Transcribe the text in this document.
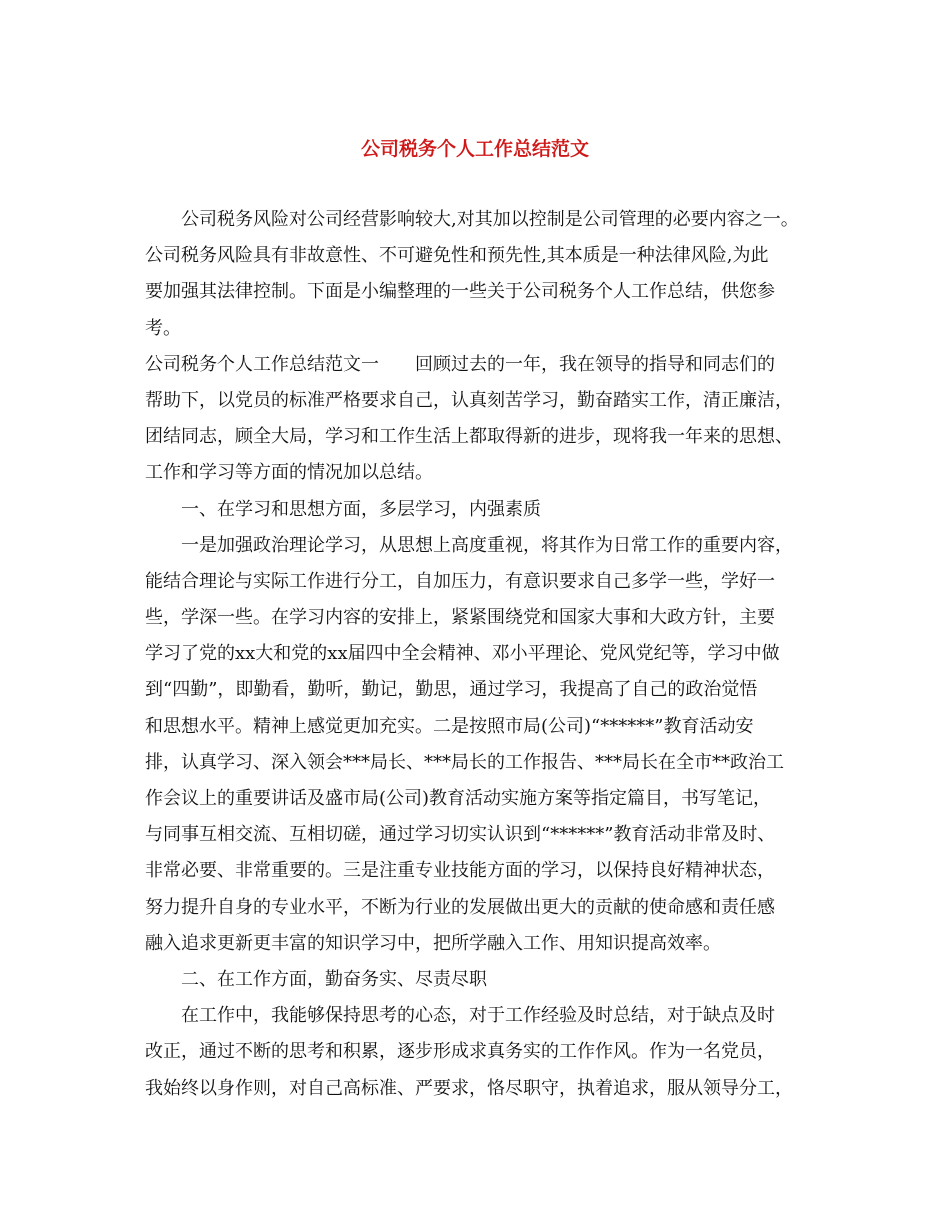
公司税务个人工作总结范文
公司税务风险对公司经营影响较大,对其加以控制是公司管理的必要内容之一。
公司税务风险具有非故意性、不可避免性和预先性,其本质是一种法律风险,为此
要加强其法律控制。下面是小编整理的一些关于公司税务个人工作总结，供您参
考。
公司税务个人工作总结范文一　　回顾过去的一年，我在领导的指导和同志们的
帮助下，以党员的标准严格要求自己，认真刻苦学习，勤奋踏实工作，清正廉洁，
团结同志，顾全大局，学习和工作生活上都取得新的进步，现将我一年来的思想、
工作和学习等方面的情况加以总结。
一、在学习和思想方面，多层学习，内强素质
一是加强政治理论学习，从思想上高度重视，将其作为日常工作的重要内容，
能结合理论与实际工作进行分工，自加压力，有意识要求自己多学一些，学好一
些，学深一些。在学习内容的安排上，紧紧围绕党和国家大事和大政方针，主要
学习了党的xx大和党的xx届四中全会精神、邓小平理论、党风党纪等，学习中做
到“四勤”，即勤看，勤听，勤记，勤思，通过学习，我提高了自己的政治觉悟
和思想水平。精神上感觉更加充实。二是按照市局(公司)“******”教育活动安
排，认真学习、深入领会***局长、***局长的工作报告、***局长在全市**政治工
作会议上的重要讲话及盛市局(公司)教育活动实施方案等指定篇目，书写笔记，
与同事互相交流、互相切磋，通过学习切实认识到“******”教育活动非常及时、
非常必要、非常重要的。三是注重专业技能方面的学习，以保持良好精神状态，
努力提升自身的专业水平，不断为行业的发展做出更大的贡献的使命感和责任感
融入追求更新更丰富的知识学习中，把所学融入工作、用知识提高效率。
二、在工作方面，勤奋务实、尽责尽职
在工作中，我能够保持思考的心态，对于工作经验及时总结，对于缺点及时
改正，通过不断的思考和积累，逐步形成求真务实的工作作风。作为一名党员，
我始终以身作则，对自己高标准、严要求，恪尽职守，执着追求，服从领导分工，
